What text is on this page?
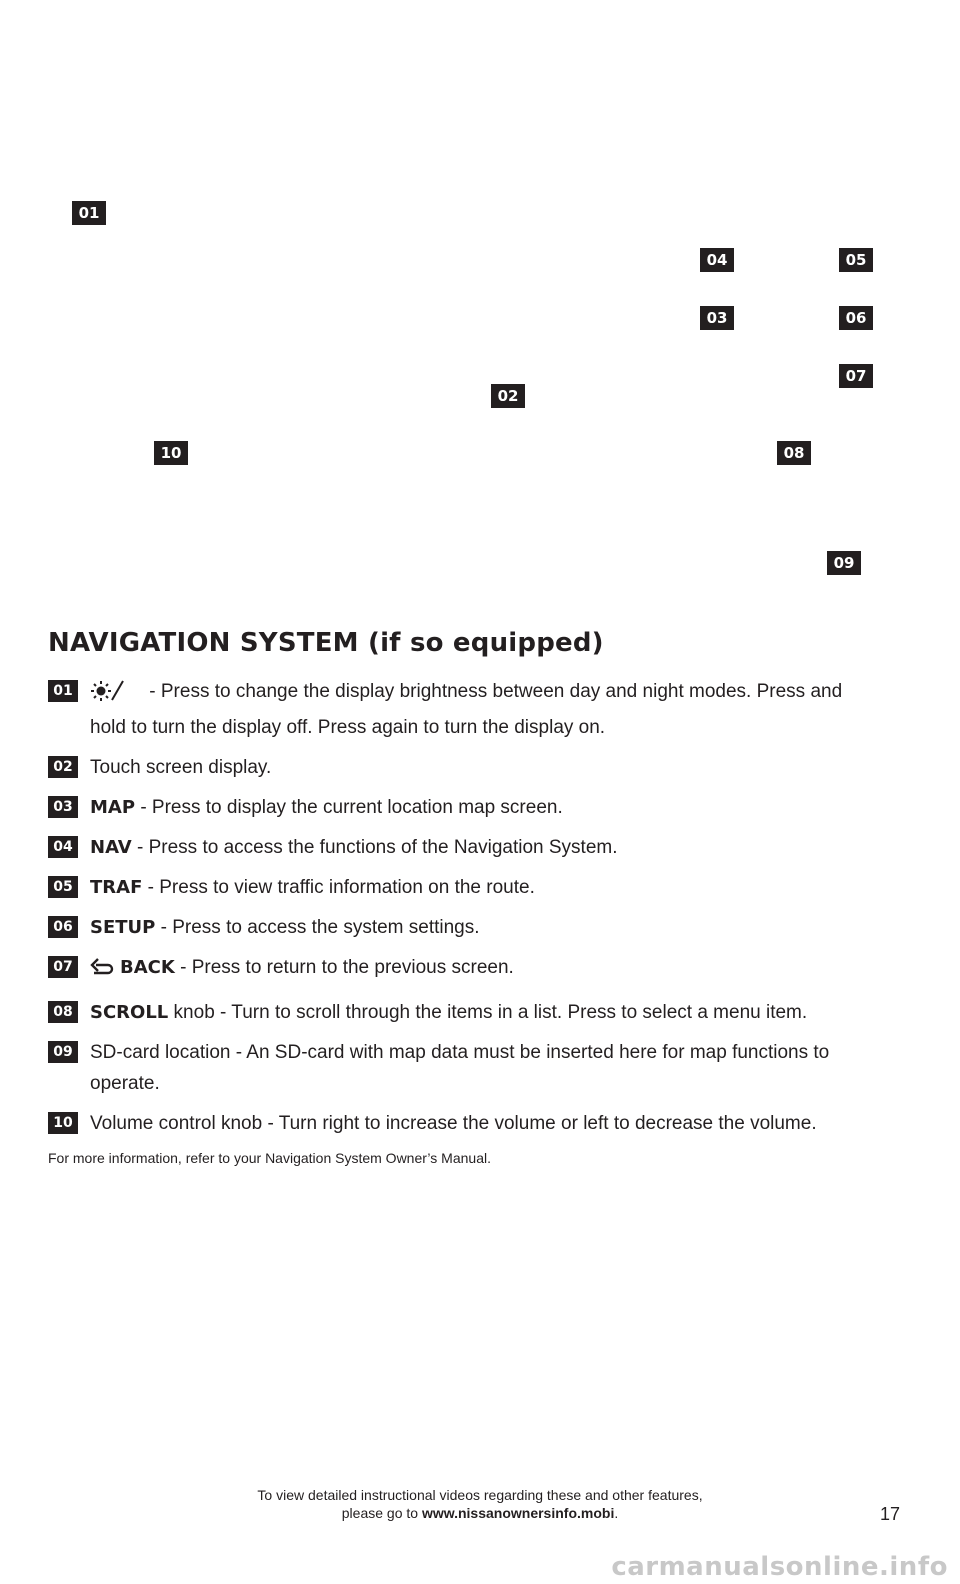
01
04	05
03	06
07
02
10	08
09
NAVIGATION SYSTEM (if so equipped)
01	- Press to change the display brightness between day and night modes. Press and hold to turn the display off. Press again to turn the display on.
02 Touch screen display.
03 MAP - Press to display the current location map screen.
04 NAV - Press to access the functions of the Navigation System.
05 TRAF - Press to view traffic information on the route.
06 SETUP - Press to access the system settings.
07	BACK - Press to return to the previous screen.
08 SCROLL knob - Turn to scroll through the items in a list. Press to select a menu item.
09 SD-card location - An SD-card with map data must be inserted here for map functions to operate.
10 Volume control knob - Turn right to increase the volume or left to decrease the volume.
For more information, refer to your Navigation System Owner’s Manual.
To view detailed instructional videos regarding these and other features,
please go to www.nissanownersinfo.mobi.	17
carmanualsonline.info
